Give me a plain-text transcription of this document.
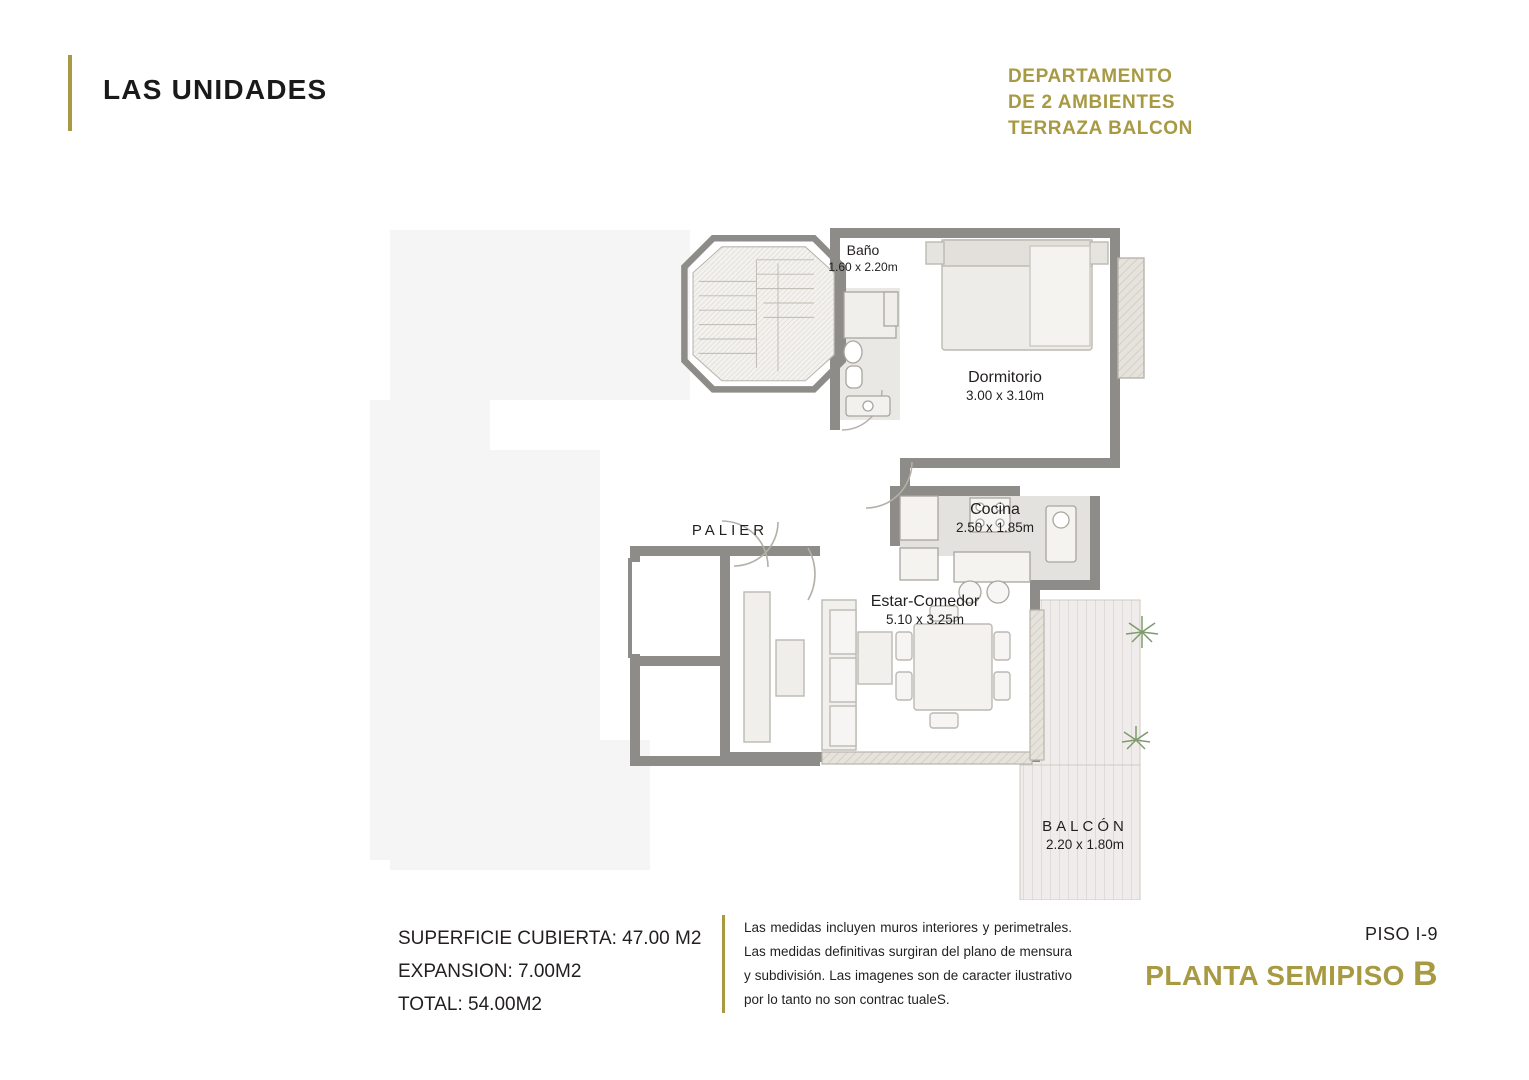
LAS UNIDADES	DEPARTAMENTO
DE 2 AMBIENTES
TERRAZA BALCON
Baño
1.60 x 2.20m
Dormitorio
3.00 x 3.10m
Cocina
2.50 x 1.85m
Estar-Comedor
5.10 x 3.25m
BALCÓN
2.20 x 1.80m
PALIER
SUPERFICIE CUBIERTA: 47.00 M2
EXPANSION: 7.00M2
TOTAL: 54.00M2
Las medidas incluyen muros interiores y perimetrales. Las medidas definitivas surgiran del plano de mensura y subdivisión. Las imagenes son de caracter ilustrativo por lo tanto no son contrac tualeS.
PISO I-9
PLANTA SEMIPISO B
